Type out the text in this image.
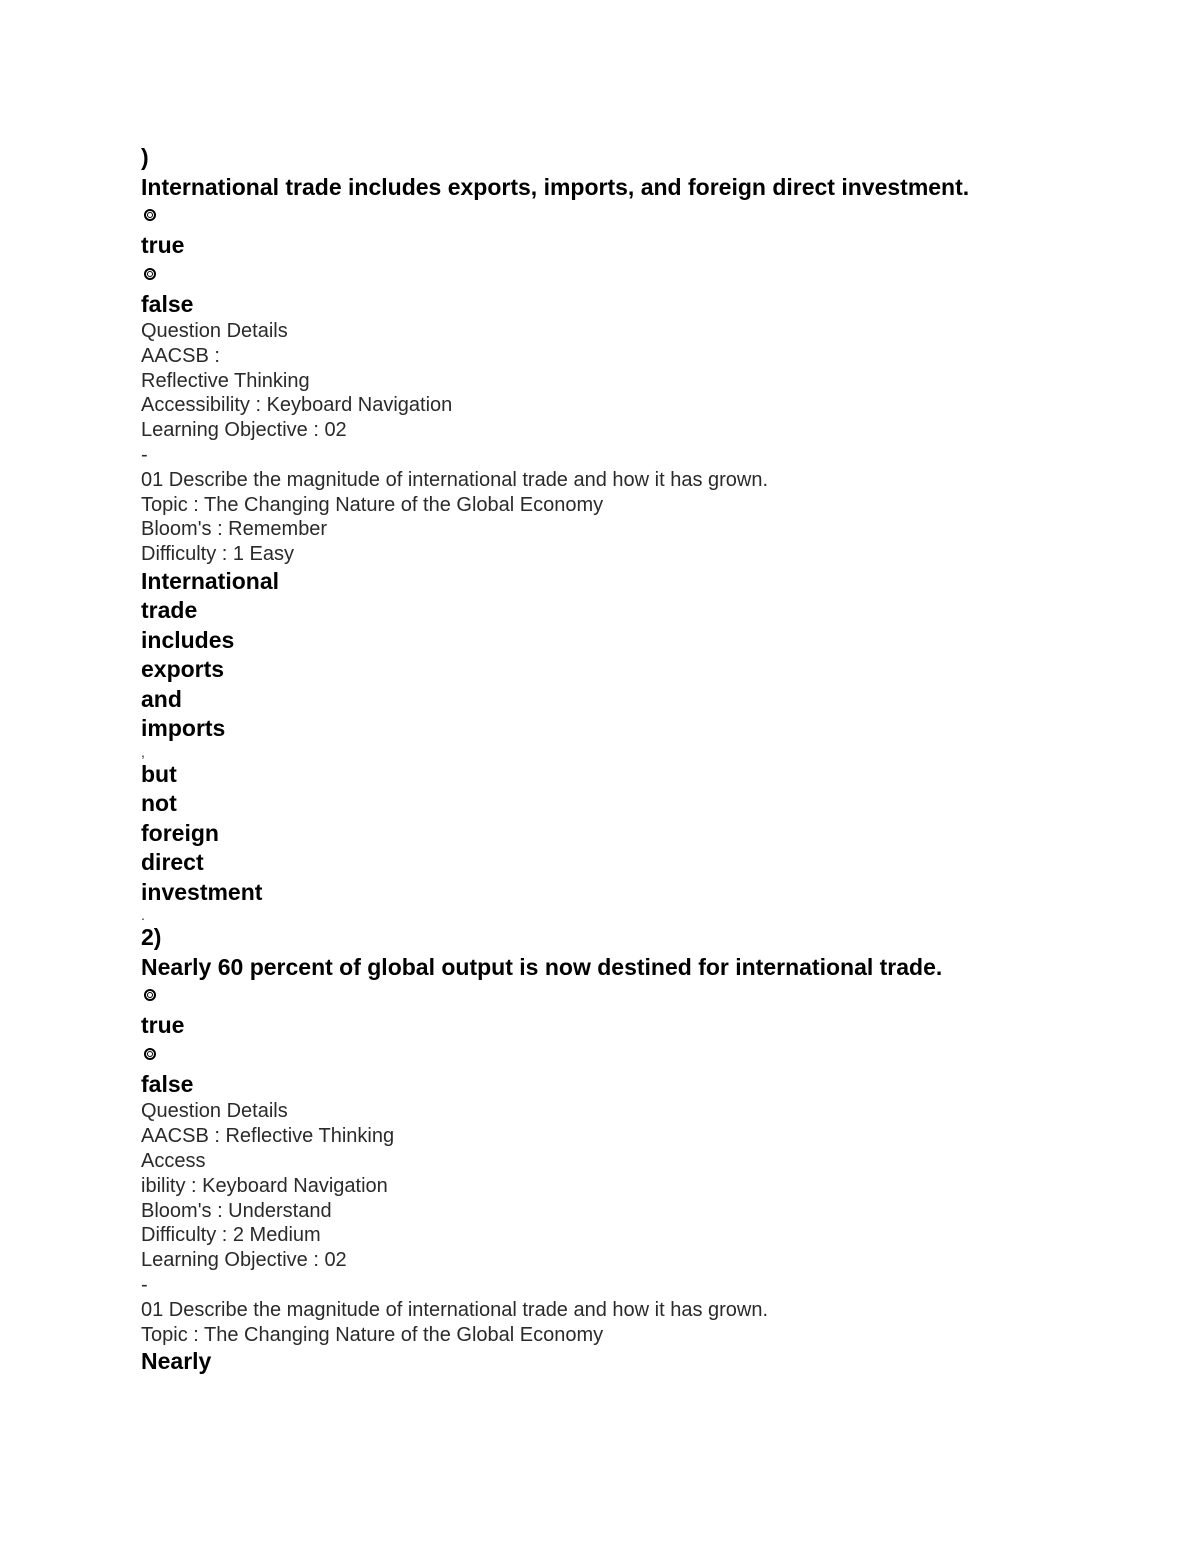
)
International trade includes exports, imports, and foreign direct investment.
true
false
Question Details
AACSB :
Reflective Thinking
Accessibility : Keyboard Navigation
Learning Objective : 02
-
01 Describe the magnitude of international trade and how it has grown.
Topic : The Changing Nature of the Global Economy
Bloom's : Remember
Difficulty : 1 Easy
International
trade
includes
exports
and
imports
,
but
not
foreign
direct
investment
.
2)
Nearly 60 percent of global output is now destined for international trade.
true
false
Question Details
AACSB : Reflective Thinking
Access
ibility : Keyboard Navigation
Bloom's : Understand
Difficulty : 2 Medium
Learning Objective : 02
-
01 Describe the magnitude of international trade and how it has grown.
Topic : The Changing Nature of the Global Economy
Nearly
